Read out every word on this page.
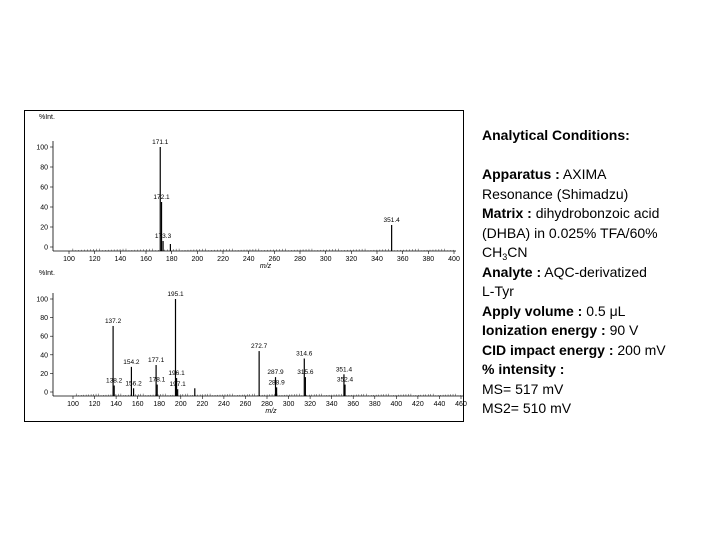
%Int.
0
20
40
60
80
100
100 120 140 160 180 200 220 240 260 280 300 320 340 360 380 400
m/z
171.1
172.1
173.3
351.4
%Int.
0
20
40
60
80
100
100 120 140 160 180 200 220 240 260 280 300 320 340 360 380 400 420 440 460
m/z
137.2
138.2
154.2
156.2
177.1
178.1
195.1
196.1
197.1
272.7
287.9
288.9
314.6
315.6	351.4
352.4
Analytical Conditions:
Apparatus : AXIMA
Resonance (Shimadzu)
Matrix : dihydrobonzoic acid
(DHBA) in 0.025% TFA/60%
$CH_3CN$
Analyte : AQC-derivatized
L-Tyr
Apply volume : 0.5 μL
Ionization energy : 90 V
CID impact energy : 200 mV
% intensity :
MS= 517 mV
MS2= 510 mV
